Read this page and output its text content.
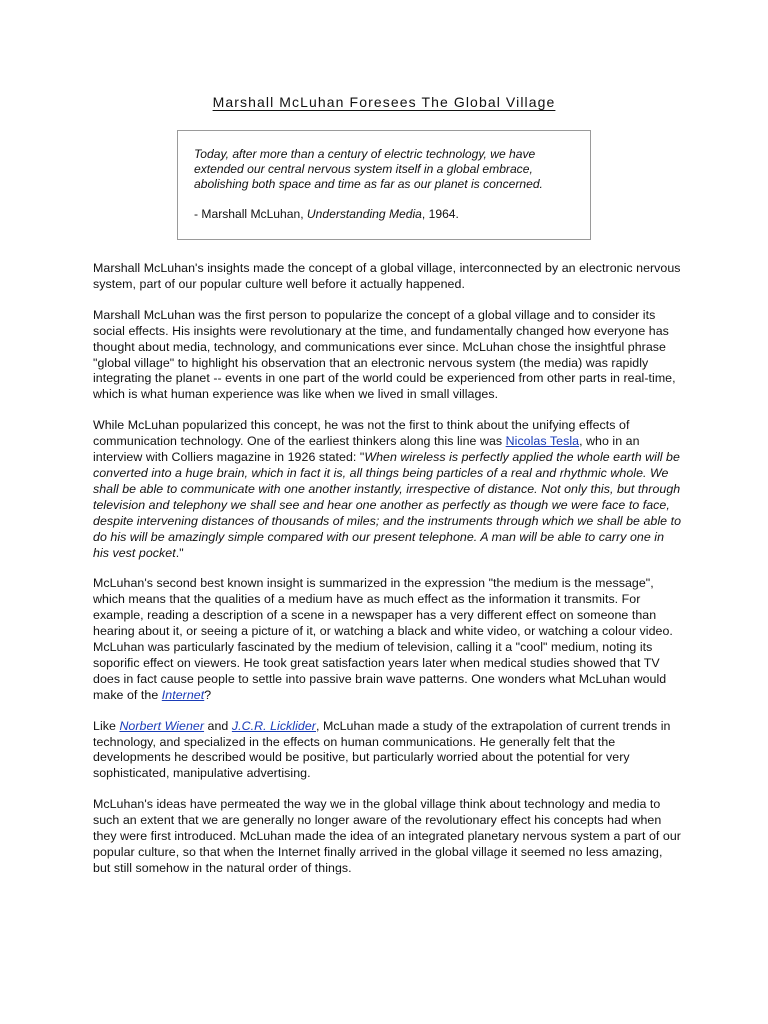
Marshall McLuhan Foresees The Global Village

Today, after more than a century of electric technology, we have extended our central nervous system itself in a global embrace, abolishing both space and time as far as our planet is concerned.

- Marshall McLuhan, Understanding Media, 1964.

Marshall McLuhan's insights made the concept of a global village, interconnected by an electronic nervous system, part of our popular culture well before it actually happened.

Marshall McLuhan was the first person to popularize the concept of a global village and to consider its social effects. His insights were revolutionary at the time, and fundamentally changed how everyone has thought about media, technology, and communications ever since. McLuhan chose the insightful phrase "global village" to highlight his observation that an electronic nervous system (the media) was rapidly integrating the planet -- events in one part of the world could be experienced from other parts in real-time, which is what human experience was like when we lived in small villages.

While McLuhan popularized this concept, he was not the first to think about the unifying effects of communication technology. One of the earliest thinkers along this line was Nicolas Tesla, who in an interview with Colliers magazine in 1926 stated: "When wireless is perfectly applied the whole earth will be converted into a huge brain, which in fact it is, all things being particles of a real and rhythmic whole. We shall be able to communicate with one another instantly, irrespective of distance. Not only this, but through television and telephony we shall see and hear one another as perfectly as though we were face to face, despite intervening distances of thousands of miles; and the instruments through which we shall be able to do his will be amazingly simple compared with our present telephone. A man will be able to carry one in his vest pocket."

McLuhan's second best known insight is summarized in the expression "the medium is the message", which means that the qualities of a medium have as much effect as the information it transmits. For example, reading a description of a scene in a newspaper has a very different effect on someone than hearing about it, or seeing a picture of it, or watching a black and white video, or watching a colour video. McLuhan was particularly fascinated by the medium of television, calling it a "cool" medium, noting its soporific effect on viewers. He took great satisfaction years later when medical studies showed that TV does in fact cause people to settle into passive brain wave patterns. One wonders what McLuhan would make of the Internet?

Like Norbert Wiener and J.C.R. Licklider, McLuhan made a study of the extrapolation of current trends in technology, and specialized in the effects on human communications. He generally felt that the developments he described would be positive, but particularly worried about the potential for very sophisticated, manipulative advertising.

McLuhan's ideas have permeated the way we in the global village think about technology and media to such an extent that we are generally no longer aware of the revolutionary effect his concepts had when they were first introduced. McLuhan made the idea of an integrated planetary nervous system a part of our popular culture, so that when the Internet finally arrived in the global village it seemed no less amazing, but still somehow in the natural order of things.
